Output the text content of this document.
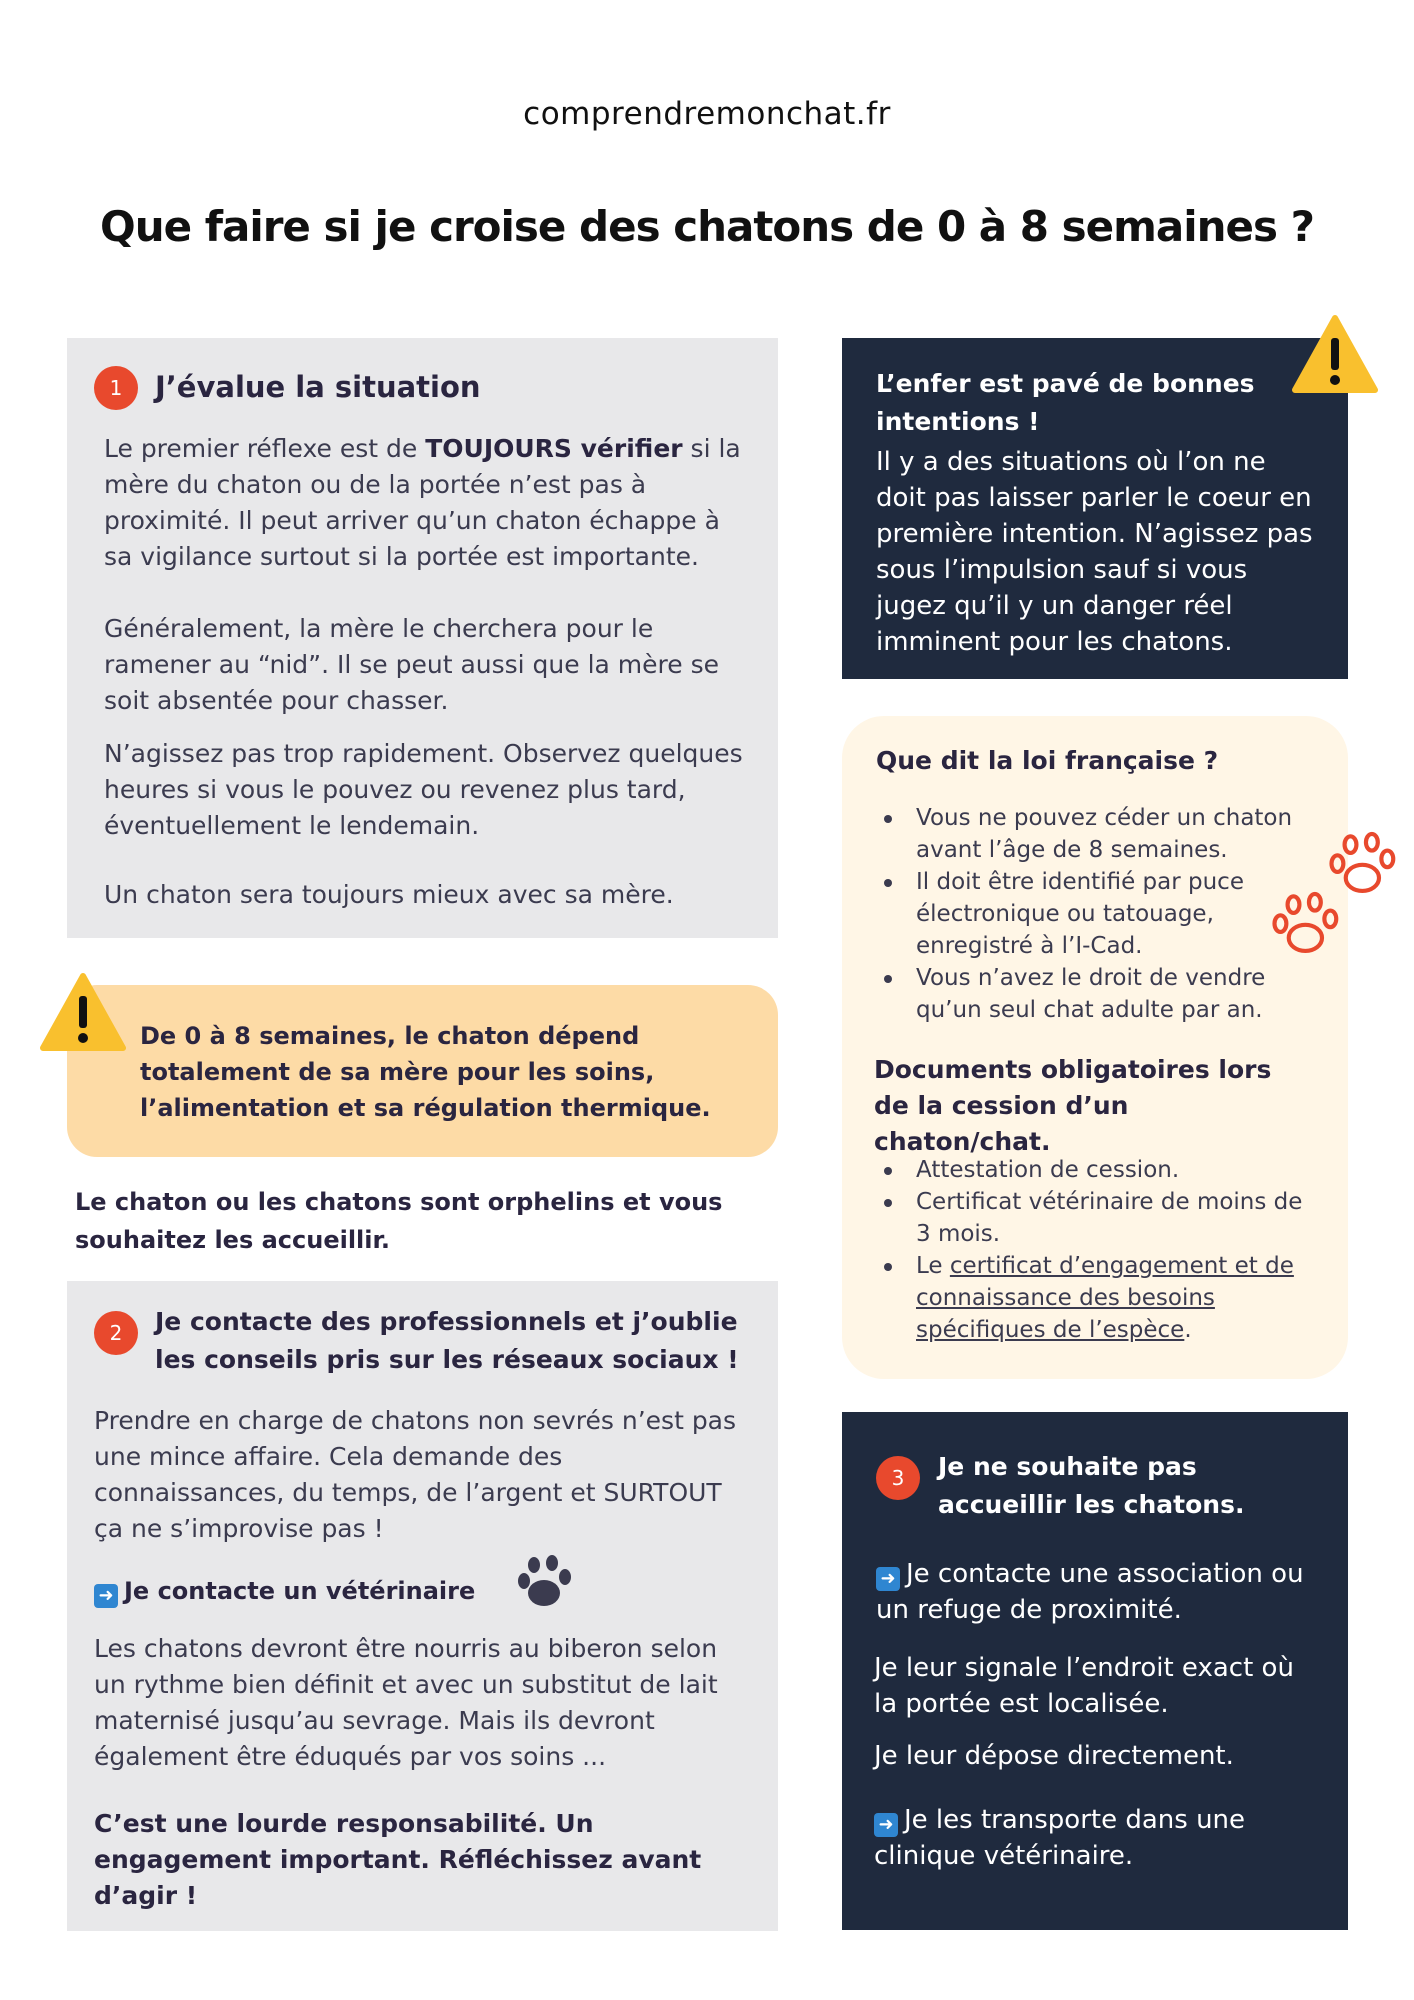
comprendremonchat.fr
Que faire si je croise des chatons de 0 à 8 semaines ?
1	J’évalue la situation
Le premier réflexe est de TOUJOURS vérifier si la mère du chaton ou de la portée n’est pas à proximité. Il peut arriver qu’un chaton échappe à sa vigilance surtout si la portée est importante.
Généralement, la mère le cherchera pour le ramener au “nid”. Il se peut aussi que la mère se soit absentée pour chasser.
N’agissez pas trop rapidement. Observez quelques heures si vous le pouvez ou revenez plus tard, éventuellement le lendemain.
Un chaton sera toujours mieux avec sa mère.
De 0 à 8 semaines, le chaton dépend totalement de sa mère pour les soins, l’alimentation et sa régulation thermique.
Le chaton ou les chatons sont orphelins et vous souhaitez les accueillir.
2	Je contacte des professionnels et j’oublie les conseils pris sur les réseaux sociaux !
Prendre en charge de chatons non sevrés n’est pas une mince affaire. Cela demande des connaissances, du temps, de l’argent et SURTOUT ça ne s’improvise pas !
➜ Je contacte un vétérinaire
Les chatons devront être nourris au biberon selon un rythme bien définit et avec un substitut de lait maternisé jusqu’au sevrage. Mais ils devront également être éduqués par vos soins ...
C’est une lourde responsabilité. Un engagement important. Réfléchissez avant d’agir !
L’enfer est pavé de bonnes intentions !
Il y a des situations où l’on ne doit pas laisser parler le coeur en première intention. N’agissez pas sous l’impulsion sauf si vous jugez qu’il y un danger réel imminent pour les chatons.
Que dit la loi française ?
Vous ne pouvez céder un chaton avant l’âge de 8 semaines.
Il doit être identifié par puce électronique ou tatouage, enregistré à l’I-Cad.
Vous n’avez le droit de vendre qu’un seul chat adulte par an.
Documents obligatoires lors de la cession d’un chaton/chat.
Attestation de cession.
Certificat vétérinaire de moins de 3 mois.
Le certificat d’engagement et de connaissance des besoins spécifiques de l’espèce.
3	Je ne souhaite pas accueillir les chatons.
➜ Je contacte une association ou un refuge de proximité.
Je leur signale l’endroit exact où la portée est localisée.
Je leur dépose directement.
➜ Je les transporte dans une clinique vétérinaire.
